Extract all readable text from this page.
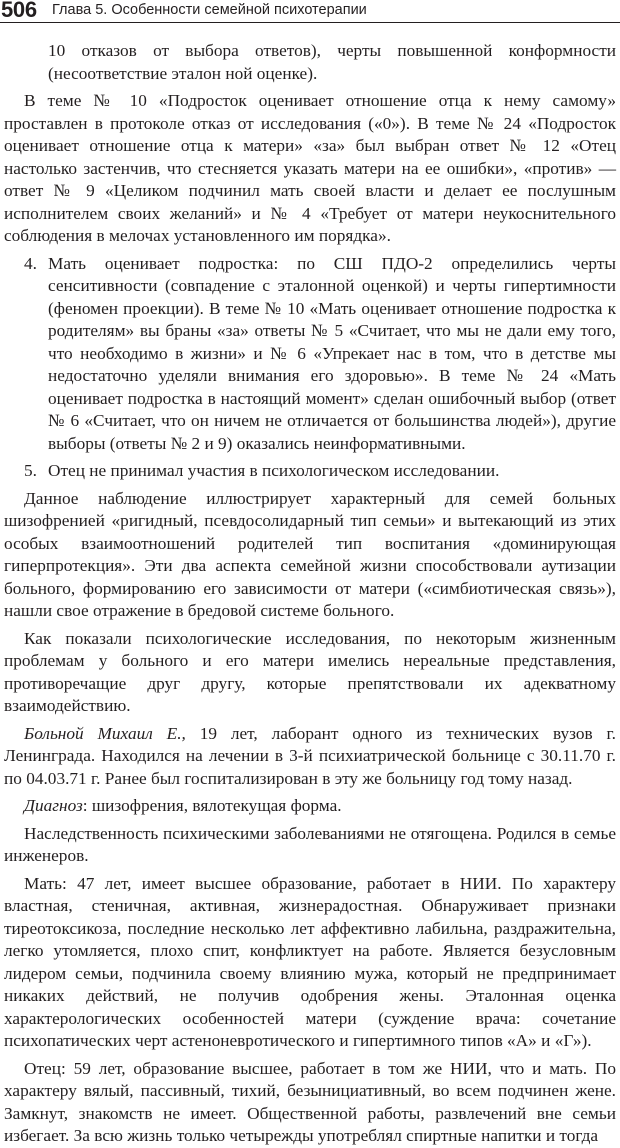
506 Глава 5. Особенности семейной психотерапии

10 отказов от выбора ответов), черты повышенной конформности (несоответствие эталон ной оценке).

В теме № 10 «Подросток оценивает отношение отца к нему самому» проставлен в протоколе отказ от исследования («0»). В теме № 24 «Подросток оценивает отношение отца к матери» «за» был выбран ответ № 12 «Отец настолько застенчив, что стесняется указать матери на ее ошибки», «против» — ответ № 9 «Целиком подчинил мать своей власти и делает ее послушным исполнителем своих желаний» и № 4 «Требует от матери неукоснительного соблюдения в мелочах установленного им порядка».

4. Мать оценивает подростка: по СШ ПДО-2 определились черты сенситивности (совпадение с эталонной оценкой) и черты гипертимности (феномен проекции). В теме № 10 «Мать оценивает отношение подростка к родителям» вы браны «за» ответы № 5 «Считает, что мы не дали ему того, что необходимо в жизни» и № 6 «Упрекает нас в том, что в детстве мы недостаточно уделяли внимания его здоровью». В теме № 24 «Мать оценивает подростка в настоящий момент» сделан ошибочный выбор (ответ № 6 «Считает, что он ничем не отличается от большинства людей»), другие выборы (ответы № 2 и 9) оказались неинформативными.

5. Отец не принимал участия в психологическом исследовании.

Данное наблюдение иллюстрирует характерный для семей больных шизофренией «ригидный, псевдосолидарный тип семьи» и вытекающий из этих особых взаимоотношений родителей тип воспитания «доминирующая гиперпротекция». Эти два аспекта семейной жизни способствовали аутизации больного, формированию его зависимости от матери («симбиотическая связь»), нашли свое отражение в бредовой системе больного.

Как показали психологические исследования, по некоторым жизненным проблемам у больного и его матери имелись нереальные представления, противоречащие друг другу, которые препятствовали их адекватному взаимодействию.

Больной Михаил Е., 19 лет, лаборант одного из технических вузов г. Ленинграда. Находился на лечении в 3-й психиатрической больнице с 30.11.70 г. по 04.03.71 г. Ранее был госпитализирован в эту же больницу год тому назад.

Диагноз: шизофрения, вялотекущая форма.

Наследственность психическими заболеваниями не отягощена. Родился в семье инженеров.

Мать: 47 лет, имеет высшее образование, работает в НИИ. По характеру властная, стеничная, активная, жизнерадостная. Обнаруживает признаки тиреотоксикоза, последние несколько лет аффективно лабильна, раздражительна, легко утомляется, плохо спит, конфликтует на работе. Является безусловным лидером семьи, подчинила своему влиянию мужа, который не предпринимает никаких действий, не получив одобрения жены. Эталонная оценка характерологических особенностей матери (суждение врача: сочетание психопатических черт астеноневротического и гипертимного типов «А» и «Г»).

Отец: 59 лет, образование высшее, работает в том же НИИ, что и мать. По характеру вялый, пассивный, тихий, безынициативный, во всем подчинен жене. Замкнут, знакомств не имеет. Общественной работы, развлечений вне семьи избегает. За всю жизнь только четырежды употреблял спиртные напитки и тогда
